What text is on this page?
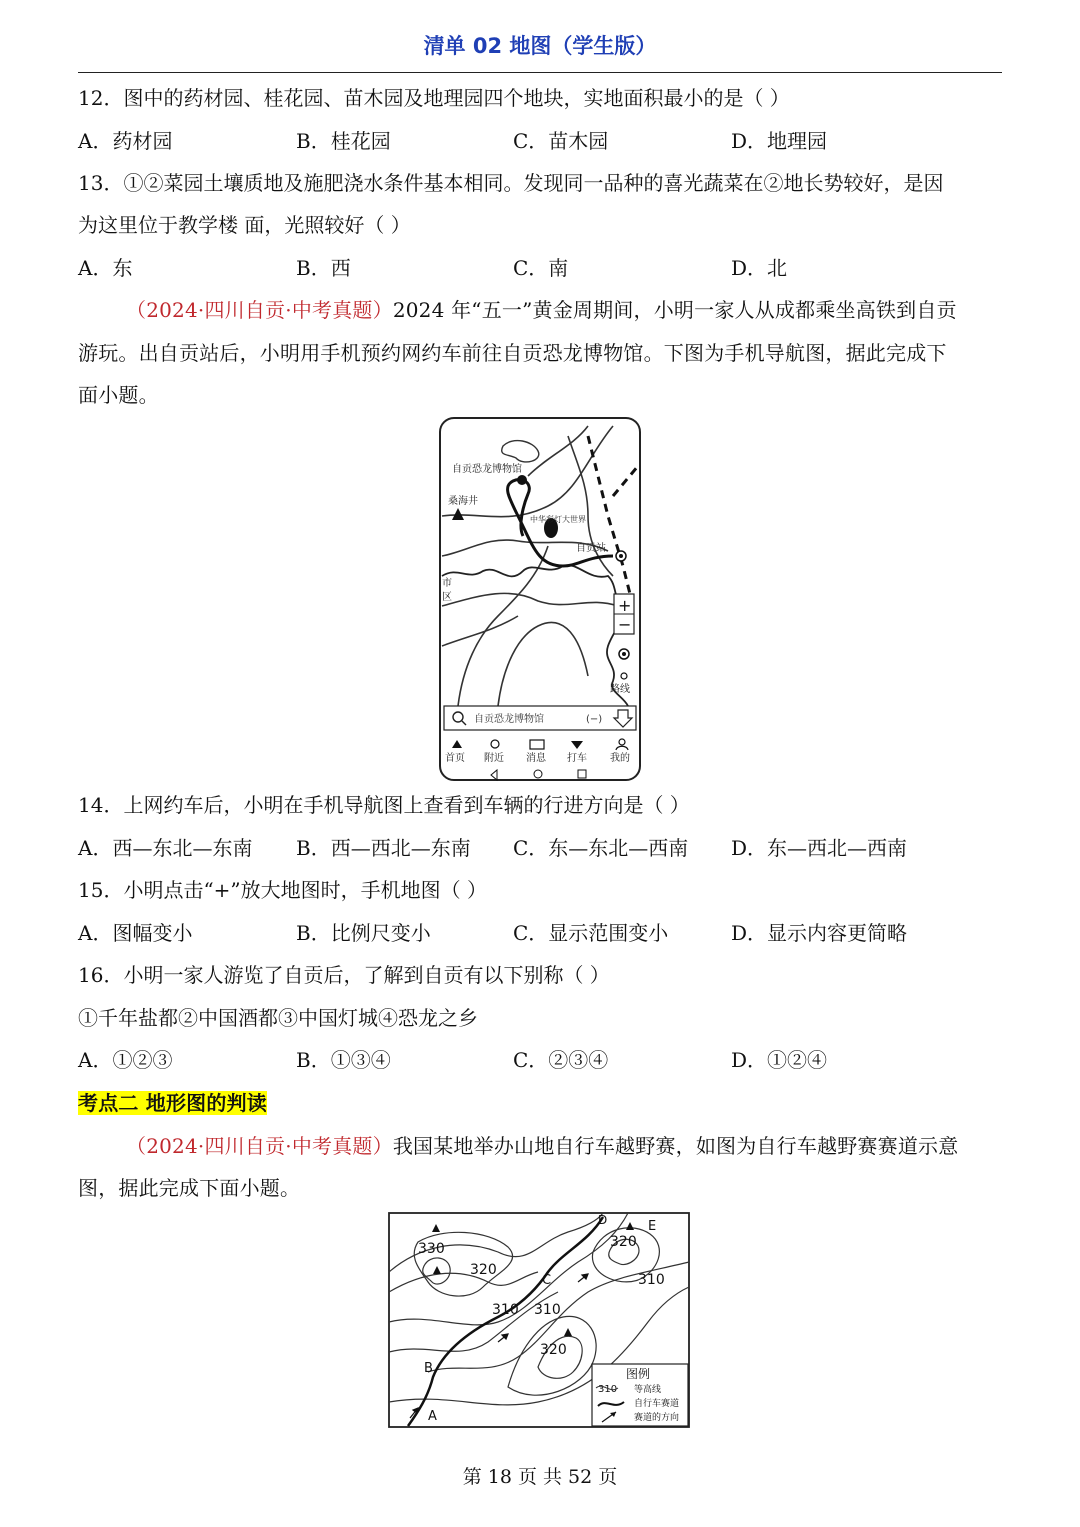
清单 02 地图（学生版）
12．图中的药材园、桂花园、苗木园及地理园四个地块，实地面积最小的是（ ）
A．药材园	B．桂花园	C．苗木园	D．地理园
13．①②菜园土壤质地及施肥浇水条件基本相同。发现同一品种的喜光蔬菜在②地长势较好，是因
为这里位于教学楼 面，光照较好（ ）
A．东	B．西	C．南	D．北
（2024·四川自贡·中考真题）2024 年“五一”黄金周期间，小明一家人从成都乘坐高铁到自贡
游玩。出自贡站后，小明用手机预约网约车前往自贡恐龙博物馆。下图为手机导航图，据此完成下
面小题。
自贡恐龙博物馆
桑海井
中华彩灯大世界
自贡站
市
区
路线
+
−
自贡恐龙博物馆	(−)
首页 附近 消息 打车 我的
14．上网约车后，小明在手机导航图上查看到车辆的行进方向是（ ）
A．西—东北—东南 B．西—西北—东南 C．东—东北—西南 D．东—西北—西南
15．小明点击“+”放大地图时，手机地图（ ）
A．图幅变小	B．比例尺变小	C．显示范围变小	D．显示内容更简略
16．小明一家人游览了自贡后，了解到自贡有以下别称（ ）
①千年盐都②中国酒都③中国灯城④恐龙之乡
A．①②③	B．①③④	C．②③④	D．①②④
考点二 地形图的判读
（2024·四川自贡·中考真题）我国某地举办山地自行车越野赛，如图为自行车越野赛赛道示意
图，据此完成下面小题。
330
320
310 310
320
320
310
A
B
C
D	E
图例
310 等高线
自行车赛道
赛道的方向
第 18 页 共 52 页
